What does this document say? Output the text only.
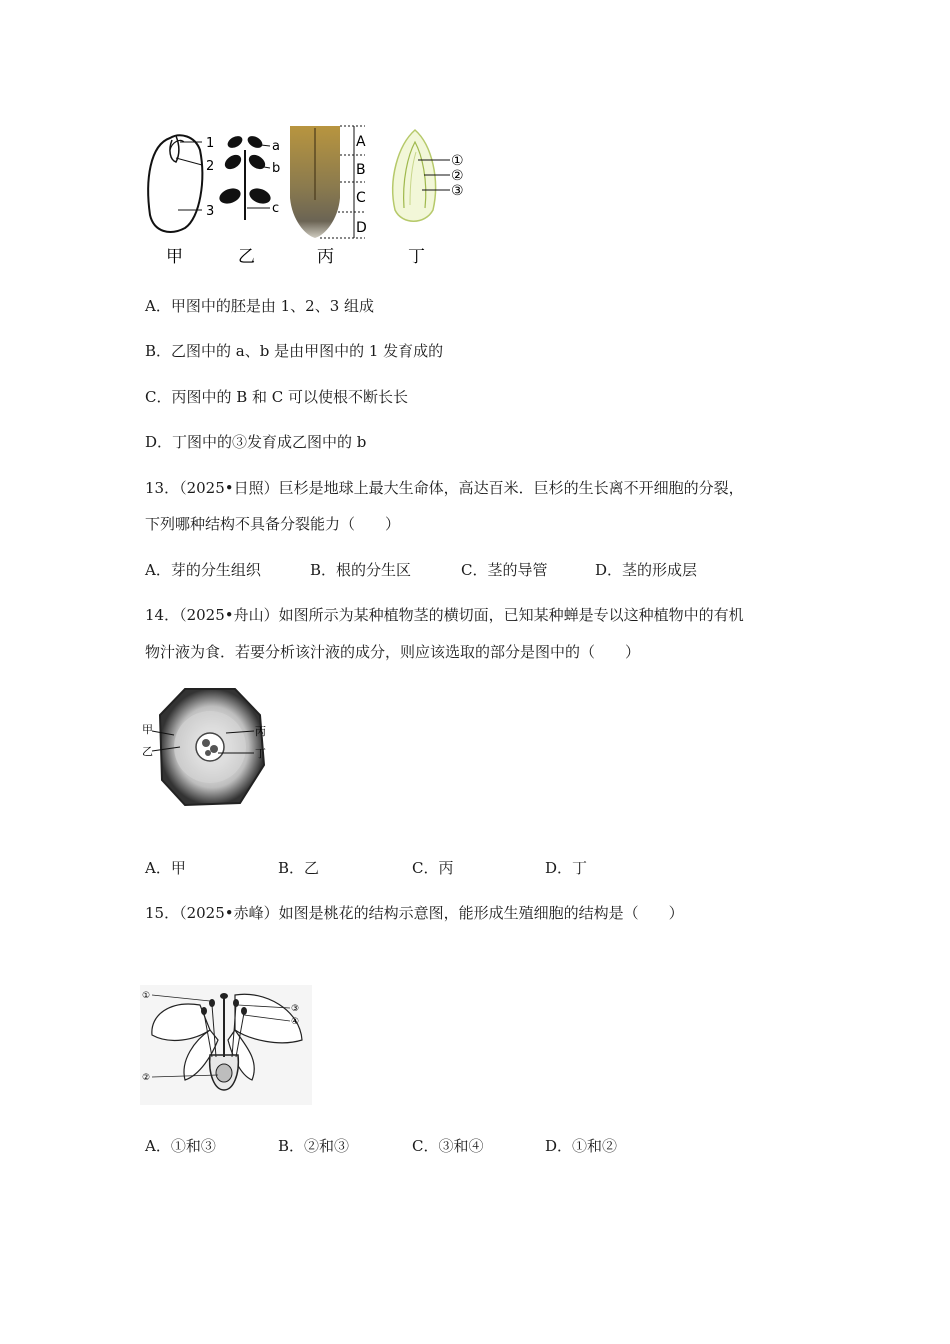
1
2
3
甲
a
b
c
乙
A
B
C
D
丙
①
②
③
丁
A．甲图中的胚是由 1、2、3 组成
B．乙图中的 a、b 是由甲图中的 1 发育成的
C．丙图中的 B 和 C 可以使根不断长长
D．丁图中的③发育成乙图中的 b
13．（2025•日照）巨杉是地球上最大生命体，高达百米．巨杉的生长离不开细胞的分裂，
下列哪种结构不具备分裂能力（　　）
A．芽的分生组织	B．根的分生区	C．茎的导管	D．茎的形成层
14．（2025•舟山）如图所示为某种植物茎的横切面，已知某种蝉是专以这种植物中的有机
物汁液为食．若要分析该汁液的成分，则应该选取的部分是图中的（　　）
甲
乙
丙
丁
A．甲	B．乙	C．丙	D．丁
15．（2025•赤峰）如图是桃花的结构示意图，能形成生殖细胞的结构是（　　）
①
②
③
④
A．①和③	B．②和③	C．③和④	D．①和②
